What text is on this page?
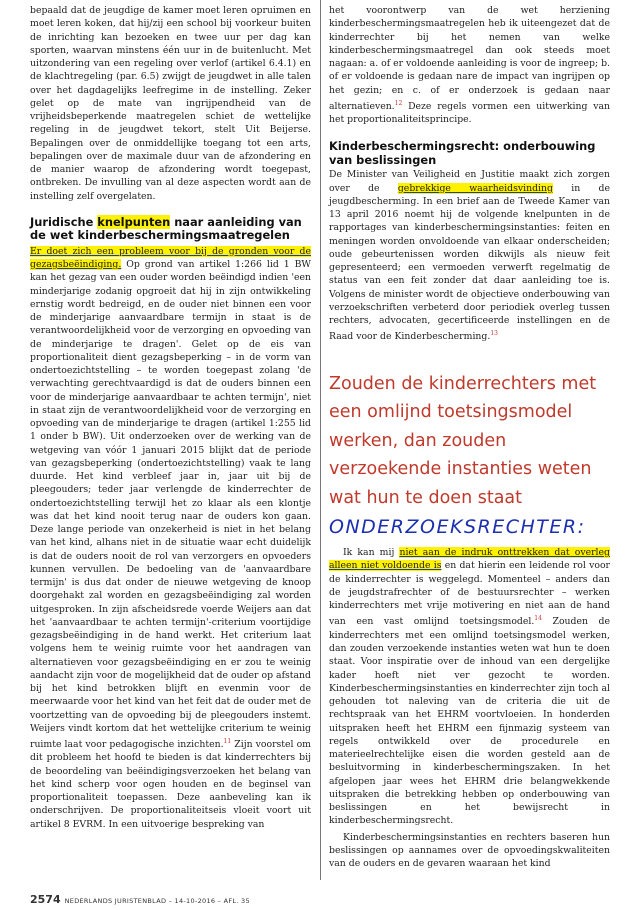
bepaald dat de jeugdige de kamer moet leren opruimen en moet leren koken, dat hij/zij een school bij voorkeur buiten de inrichting kan bezoeken en twee uur per dag kan sporten, waarvan minstens één uur in de buitenlucht. Met uitzondering van een regeling over verlof (artikel 6.4.1) en de klachtregeling (par. 6.5) zwijgt de jeugdwet in alle talen over het dagdagelijks leefregime in de instelling. Zeker gelet op de mate van ingrijpendheid van de vrijheidsbeperkende maatregelen schiet de wettelijke regeling in de jeugdwet tekort, stelt Uit Beijerse. Bepalingen over de onmiddellijke toegang tot een arts, bepalingen over de maximale duur van de afzondering en de manier waarop de afzondering wordt toegepast, ontbreken. De invulling van al deze aspecten wordt aan de instelling zelf overgelaten.

Juridische knelpunten naar aanleiding van de wet kinderbeschermingsmaatregelen

Er doet zich een probleem voor bij de gronden voor de gezagsbeëindiging. Op grond van artikel 1:266 lid 1 BW kan het gezag van een ouder worden beëindigd indien 'een minderjarige zodanig opgroeit dat hij in zijn ontwikkeling ernstig wordt bedreigd, en de ouder niet binnen een voor de minderjarige aanvaardbare termijn in staat is de verantwoordelijkheid voor de verzorging en opvoeding van de minderjarige te dragen'. Gelet op de eis van proportionaliteit dient gezagsbeperking – in de vorm van ondertoezichtstelling – te worden toegepast zolang 'de verwachting gerechtvaardigd is dat de ouders binnen een voor de minderjarige aanvaardbaar te achten termijn', niet in staat zijn de verantwoordelijkheid voor de verzorging en opvoeding van de minderjarige te dragen (artikel 1:255 lid 1 onder b BW). Uit onderzoeken over de werking van de wetgeving van vóór 1 januari 2015 blijkt dat de periode van gezagsbeperking (ondertoezichtstelling) vaak te lang duurde. Het kind verbleef jaar in, jaar uit bij de pleegouders; teder jaar verlengde de kinderrechter de ondertoezichtstelling terwijl het zo klaar als een klontje was dat het kind nooit terug naar de ouders kon gaan. Deze lange periode van onzekerheid is niet in het belang van het kind, alhans niet in de situatie waar echt duidelijk is dat de ouders nooit de rol van verzorgers en opvoeders kunnen vervullen. De bedoeling van de 'aanvaardbare termijn' is dus dat onder de nieuwe wetgeving de knoop doorgehakt zal worden en gezagsbeëindiging zal worden uitgesproken. In zijn afscheidsrede voerde Weijers aan dat het 'aanvaardbaar te achten termijn'-criterium voortijdige gezagsbeëindiging in de hand werkt. Het criterium laat volgens hem te weinig ruimte voor het aandragen van alternatieven voor gezagsbeëindiging en er zou te weinig aandacht zijn voor de mogelijkheid dat de ouder op afstand bij het kind betrokken blijft en evenmin voor de meerwaarde voor het kind van het feit dat de ouder met de voortzetting van de opvoeding bij de pleegouders instemt. Weijers vindt kortom dat het wettelijke criterium te weinig ruimte laat voor pedagogische inzichten.$^{11}$ Zijn voorstel om dit probleem het hoofd te bieden is dat kinderrechters bij de beoordeling van beëindigingsverzoeken het belang van het kind scherp voor ogen houden en de beginsel van proportionaliteit toepassen. Deze aanbeveling kan ik onderschrijven. De proportionaliteitseis vloeit voort uit artikel 8 EVRM. In een uitvoerige bespreking van

het voorontwerp van de wet herziening kinderbeschermingsmaatregelen heb ik uiteengezet dat de kinderrechter bij het nemen van welke kinderbeschermingsmaatregel dan ook steeds moet nagaan: a. of er voldoende aanleiding is voor de ingreep; b. of er voldoende is gedaan nare de impact van ingrijpen op het gezin; en c. of er onderzoek is gedaan naar alternatieven.$^{12}$ Deze regels vormen een uitwerking van het proportionaliteitsprincipe.

Kinderbeschermingsrecht: onderbouwing van beslissingen

De Minister van Veiligheid en Justitie maakt zich zorgen over de gebrekkige waarheidsvinding in de jeugdbescherming. In een brief aan de Tweede Kamer van 13 april 2016 noemt hij de volgende knelpunten in de rapportages van kinderbeschermingsinstanties: feiten en meningen worden onvoldoende van elkaar onderscheiden; oude gebeurtenissen worden dikwijls als nieuw feit gepresenteerd; een vermoeden verwerft regelmatig de status van een feit zonder dat daar aanleiding toe is. Volgens de minister wordt de objectieve onderbouwing van verzoekschriften verbeterd door periodiek overleg tussen rechters, advocaten, gecertificeerde instellingen en de Raad voor de Kinderbescherming.$^{13}$

Zouden de kinderrechters met een omlijnd toetsingsmodel werken, dan zouden verzoekende instanties weten wat hun te doen staat

ONDERZOEKSRECHTER:

Ik kan mij niet aan de indruk onttrekken dat overleg alleen niet voldoende is en dat hierin een leidende rol voor de kinderrechter is weggelegd. Momenteel – anders dan de jeugdstrafrechter of de bestuursrechter – werken kinderrechters met vrije motivering en niet aan de hand van een vast omlijnd toetsingsmodel.$^{14}$ Zouden de kinderrechters met een omlijnd toetsingsmodel werken, dan zouden verzoekende instanties weten wat hun te doen staat. Voor inspiratie over de inhoud van een dergelijke kader hoeft niet ver gezocht te worden. Kinderbeschermingsinstanties en kinderrechter zijn toch al gehouden tot naleving van de criteria die uit de rechtspraak van het EHRM voortvloeien. In honderden uitspraken heeft het EHRM een fijnmazig systeem van regels ontwikkeld over de procedurele en materieelrechtelijke eisen die worden gesteld aan de besluitvorming in kinderbeschermingszaken. In het afgelopen jaar wees het EHRM drie belangwekkende uitspraken die betrekking hebben op onderbouwing van beslissingen en het bewijsrecht in kinderbeschermingsrecht.

Kinderbeschermingsinstanties en rechters baseren hun beslissingen op aannames over de opvoedingskwaliteiten van de ouders en de gevaren waaraan het kind

2574 NEDERLANDS JURISTENBLAD – 14-10-2016 – AFL. 35
